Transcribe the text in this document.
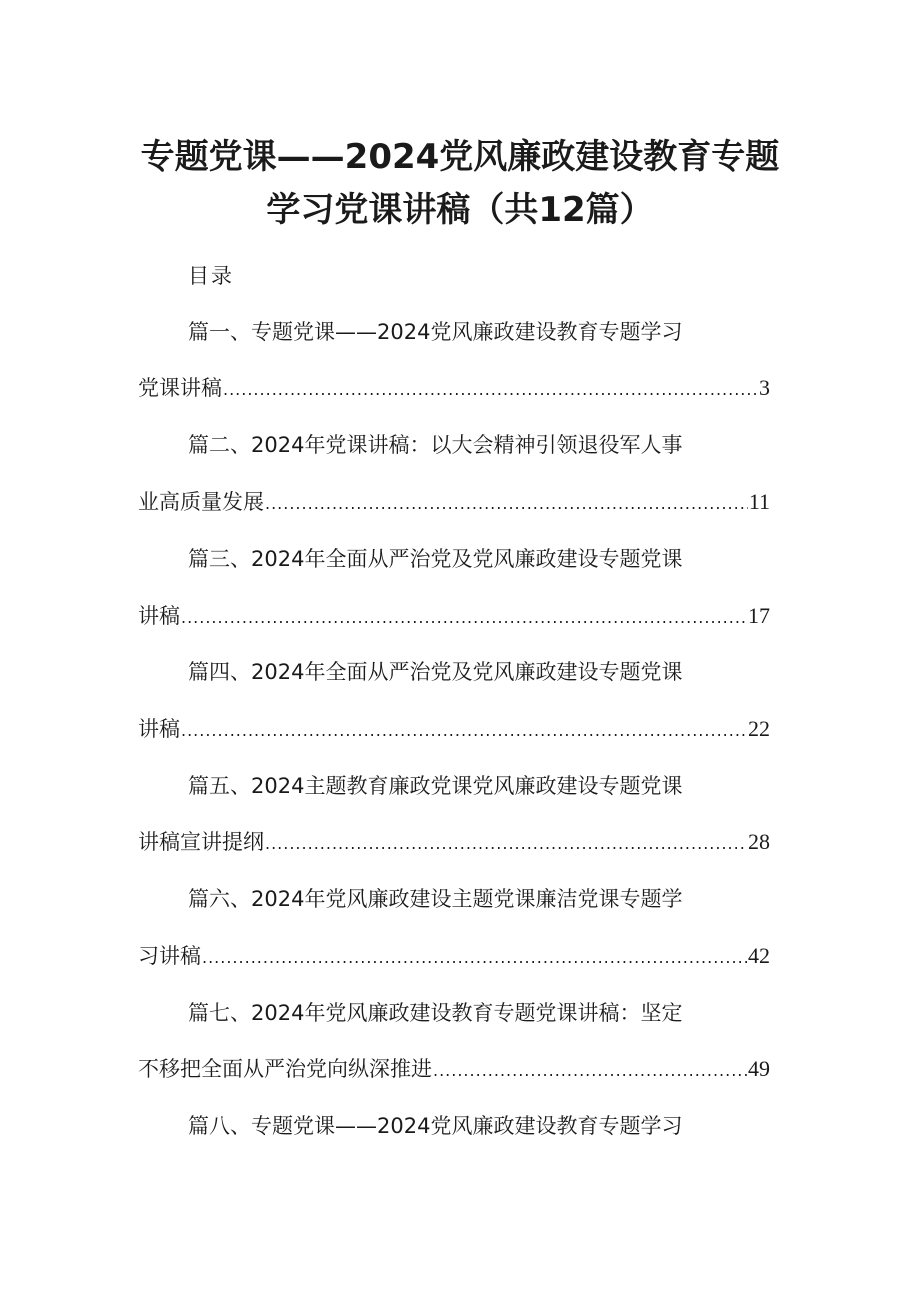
专题党课——2024党风廉政建设教育专题
学习党课讲稿（共12篇）
目录
篇一、专题党课——2024党风廉政建设教育专题学习
党课讲稿 .....	3
篇二、2024年党课讲稿：以大会精神引领退役军人事
业高质量发展 .....	11
篇三、2024年全面从严治党及党风廉政建设专题党课
讲稿 .....	17
篇四、2024年全面从严治党及党风廉政建设专题党课
讲稿 .....	22
篇五、2024主题教育廉政党课党风廉政建设专题党课
讲稿宣讲提纲 .....	28
篇六、2024年党风廉政建设主题党课廉洁党课专题学
习讲稿 .....	42
篇七、2024年党风廉政建设教育专题党课讲稿：坚定
不移把全面从严治党向纵深推进 .....	49
篇八、专题党课——2024党风廉政建设教育专题学习
